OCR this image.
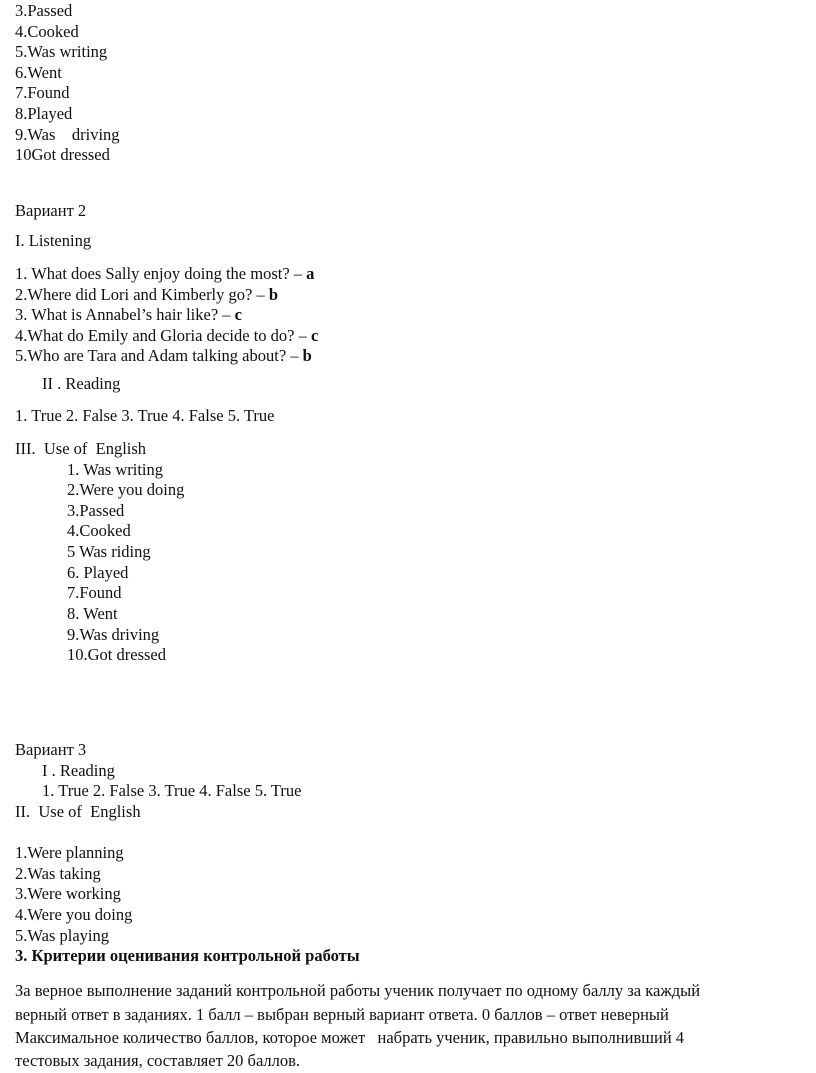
3.Passed
4.Cooked
5.Was writing
6.Went
7.Found
8.Played
9.Was    driving
10Got dressed
Вариант 2
I. Listening
1. What does Sally enjoy doing the most? – a
2.Where did Lori and Kimberly go? – b
3. What is Annabel’s hair like? – c
4.What do Emily and Gloria decide to do? – c
5.Who are Tara and Adam talking about? – b
II . Reading
1. True 2. False 3. True 4. False 5. True
III.  Use of  English
1. Was writing
2.Were you doing
3.Passed
4.Cooked
5 Was riding
6. Played
7.Found
8. Went
9.Was driving
10.Got dressed
Вариант 3
I . Reading
1. True 2. False 3. True 4. False 5. True
II.  Use of  English
1.Were planning
2.Was taking
3.Were working
4.Were you doing
5.Was playing
3. Критерии оценивания контрольной работы
За верное выполнение заданий контрольной работы ученик получает по одному баллу за каждый
верный ответ в заданиях. 1 балл – выбран верный вариант ответа. 0 баллов – ответ неверный
Максимальное количество баллов, которое может   набрать ученик, правильно выполнивший 4
тестовых задания, составляет 20 баллов.
